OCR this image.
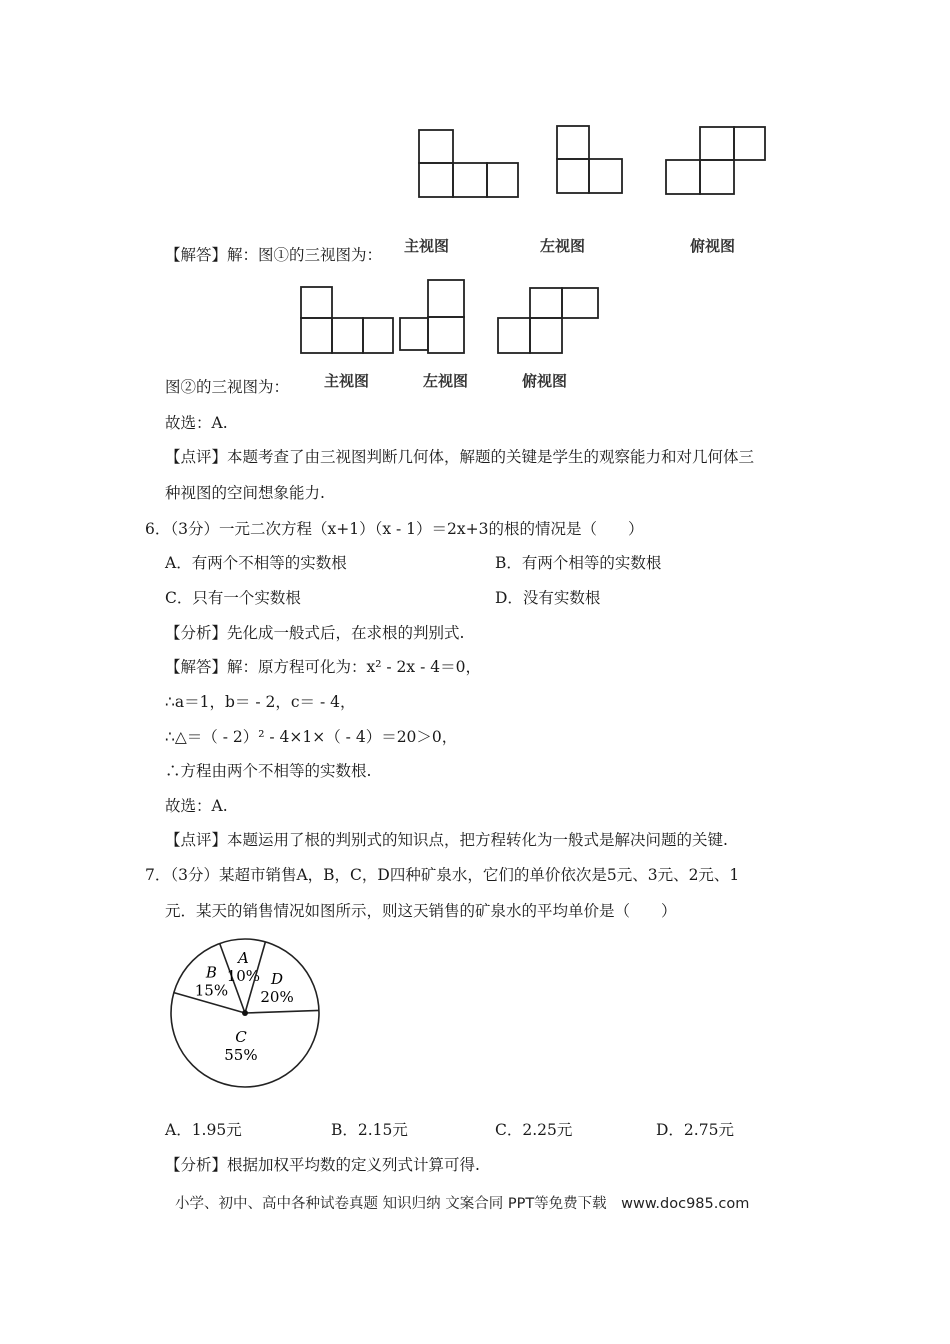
主视图	左视图	俯视图
【解答】解：图①的三视图为：
主视图	左视图	俯视图
图②的三视图为：
故选：A.
【点评】本题考查了由三视图判断几何体，解题的关键是学生的观察能力和对几何体三
种视图的空间想象能力.
6．（3分）一元二次方程（x+1）（x - 1）＝2x+3的根的情况是（　　）
A．有两个不相等的实数根	B．有两个相等的实数根
C．只有一个实数根	D．没有实数根
【分析】先化成一般式后，在求根的判别式.
【解答】解：原方程可化为：x² - 2x - 4＝0，
∴a＝1，b＝ - 2，c＝ - 4，
∴△＝（ - 2）² - 4×1×（ - 4）＝20＞0，
∴方程由两个不相等的实数根.
故选：A.
【点评】本题运用了根的判别式的知识点，把方程转化为一般式是解决问题的关键.
7．（3分）某超市销售A，B，C，D四种矿泉水，它们的单价依次是5元、3元、2元、1
元．某天的销售情况如图所示，则这天销售的矿泉水的平均单价是（　　）
A
10% D
20%
C
55%
B
15%
A．1.95元	B．2.15元	C．2.25元	D．2.75元
【分析】根据加权平均数的定义列式计算可得.
小学、初中、高中各种试卷真题 知识归纳 文案合同 PPT等免费下载　www.doc985.com
